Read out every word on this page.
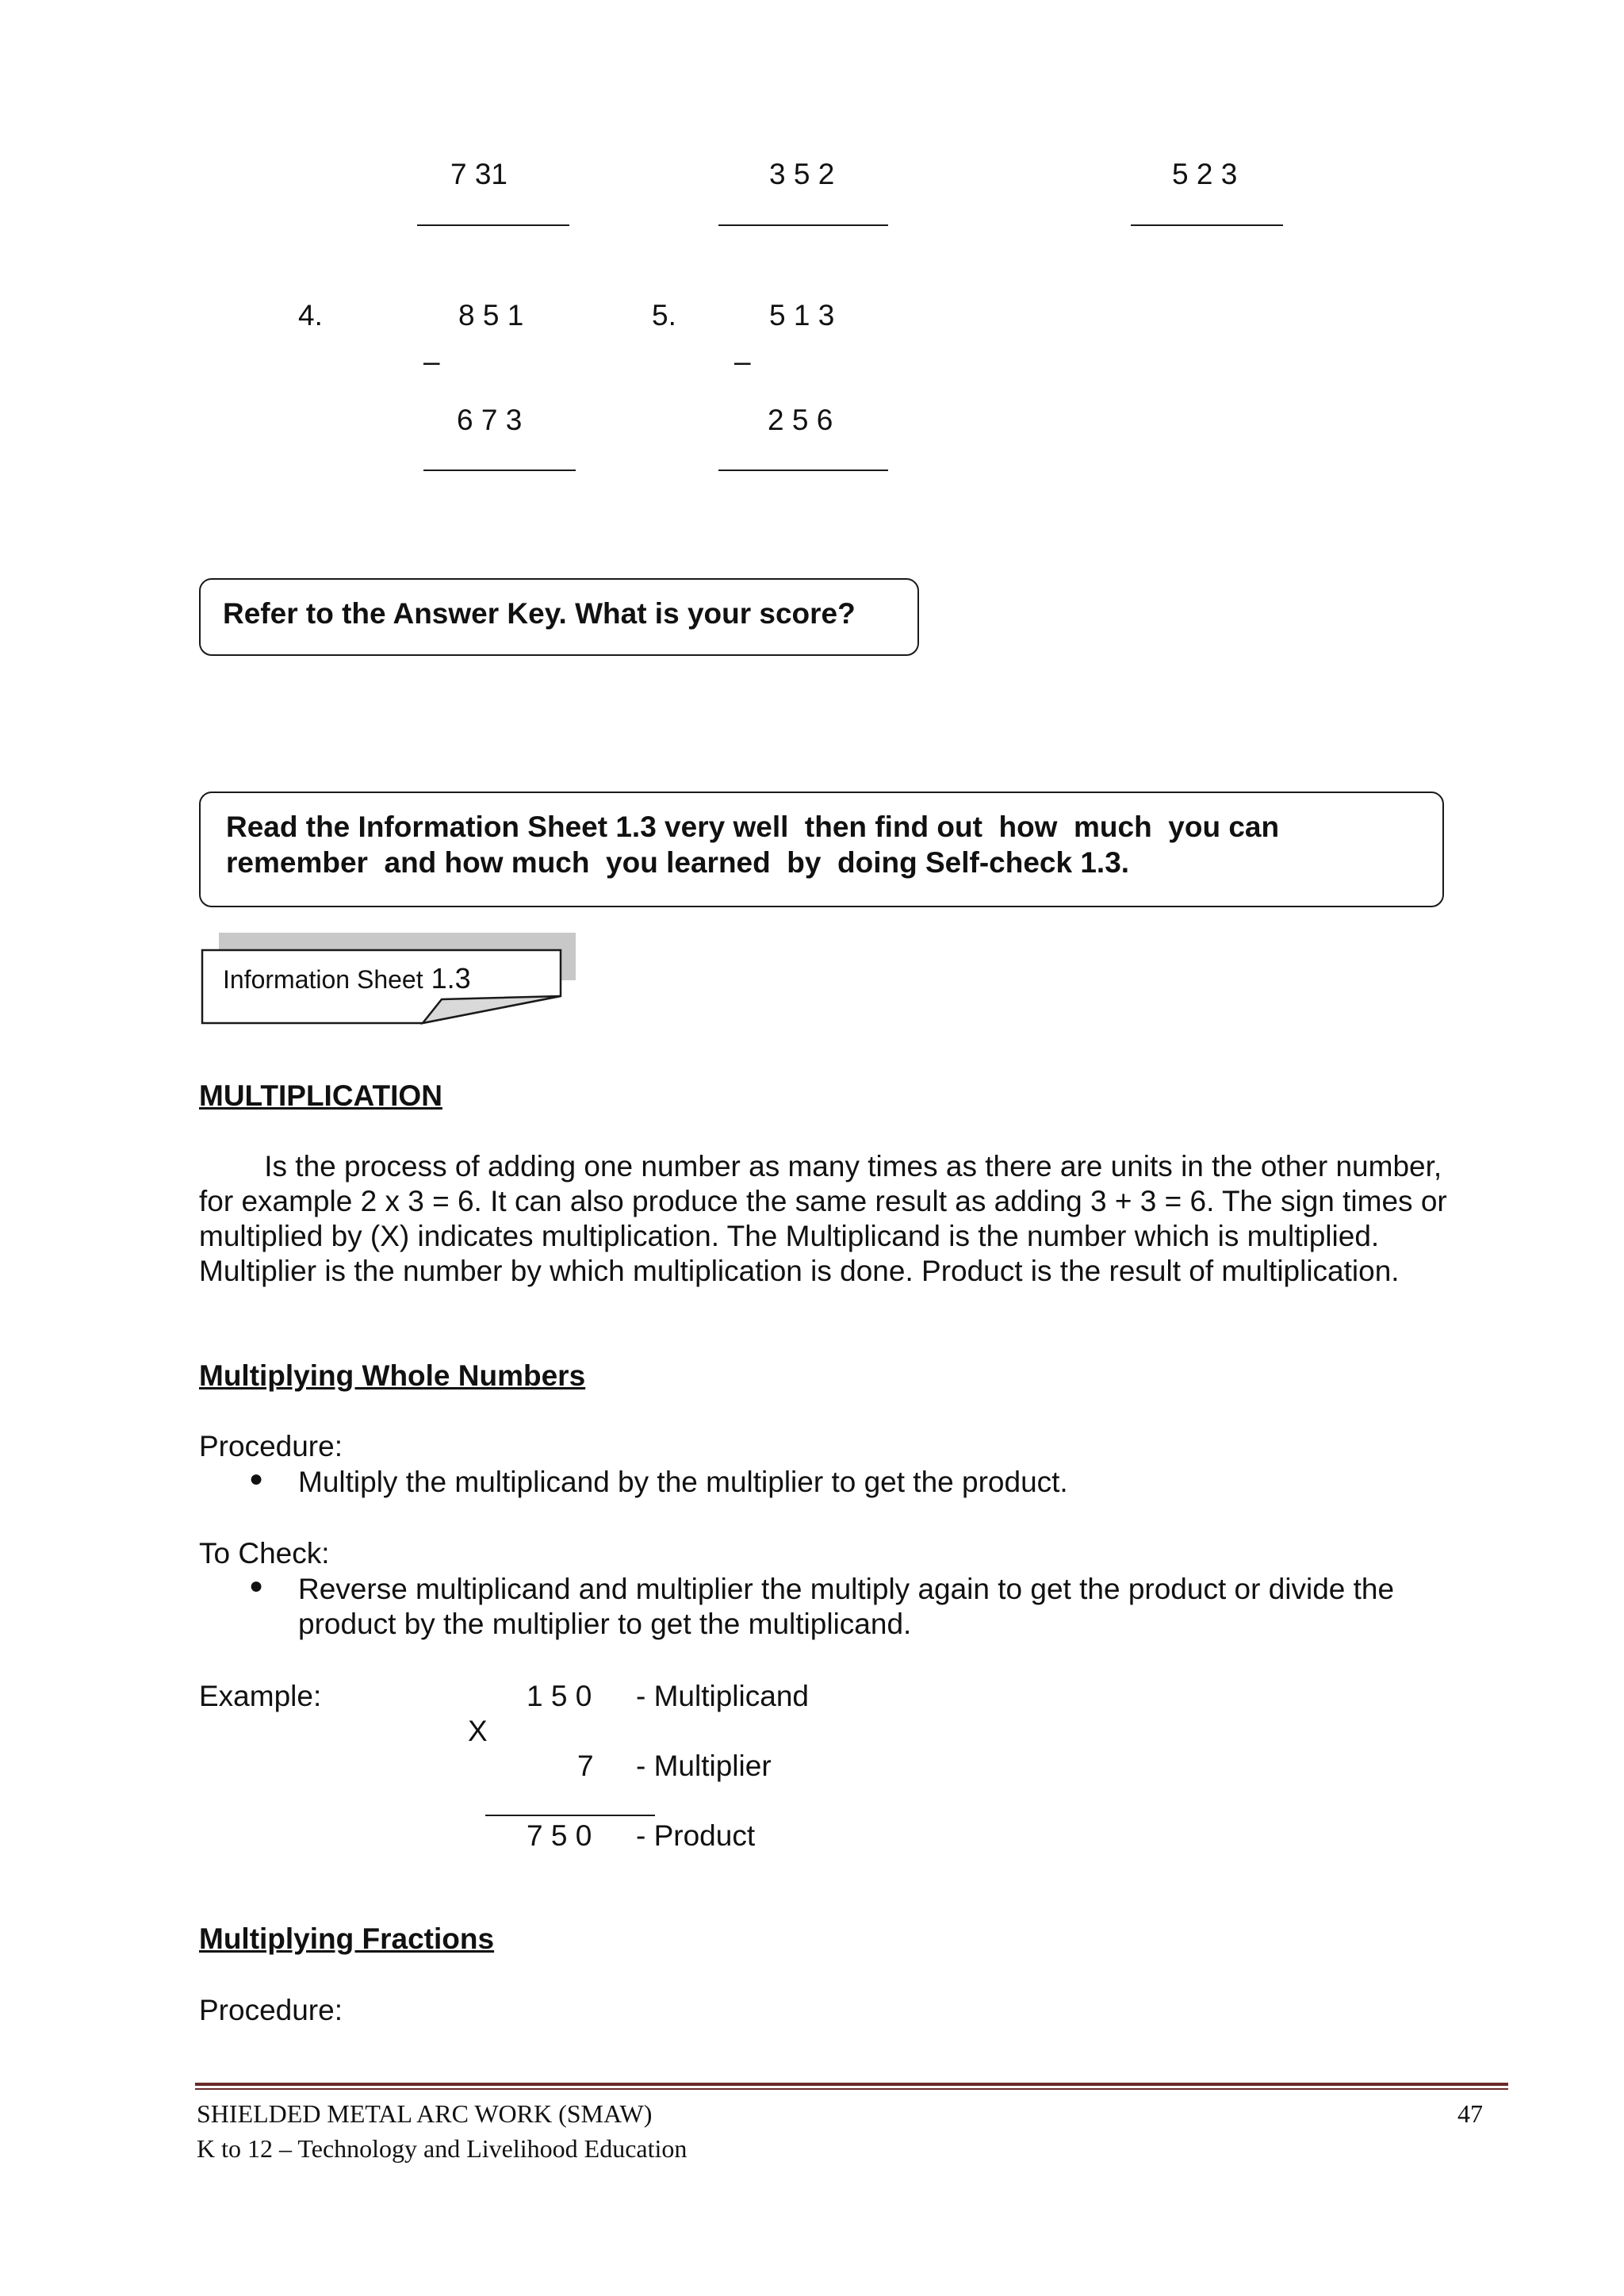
7 31	3 5 2	5 2 3
4.	8 5 1
–
6 7 3
5.	5 1 3
–
2 5 6
Refer to the Answer Key. What is your score?
Read the Information Sheet 1.3 very well  then find out  how  much  you can
remember  and how much  you learned  by  doing Self-check 1.3.
Information Sheet 1.3
MULTIPLICATION
Is the process of adding one number as many times as there are units in the other number,
for example 2 x 3 = 6. It can also produce the same result as adding 3 + 3 = 6. The sign times or
multiplied by (X) indicates multiplication. The Multiplicand is the number which is multiplied.
Multiplier is the number by which multiplication is done. Product is the result of multiplication.
Multiplying Whole Numbers
Procedure:
● Multiply the multiplicand by the multiplier to get the product.
To Check:
● Reverse multiplicand and multiplier the multiply again to get the product or divide the
product by the multiplier to get the multiplicand.
Example:	1 5 0 - Multiplicand
X
7 - Multiplier
7 5 0 - Product
Multiplying Fractions
Procedure:
SHIELDED METAL ARC WORK (SMAW)
K to 12 – Technology and Livelihood Education
47
